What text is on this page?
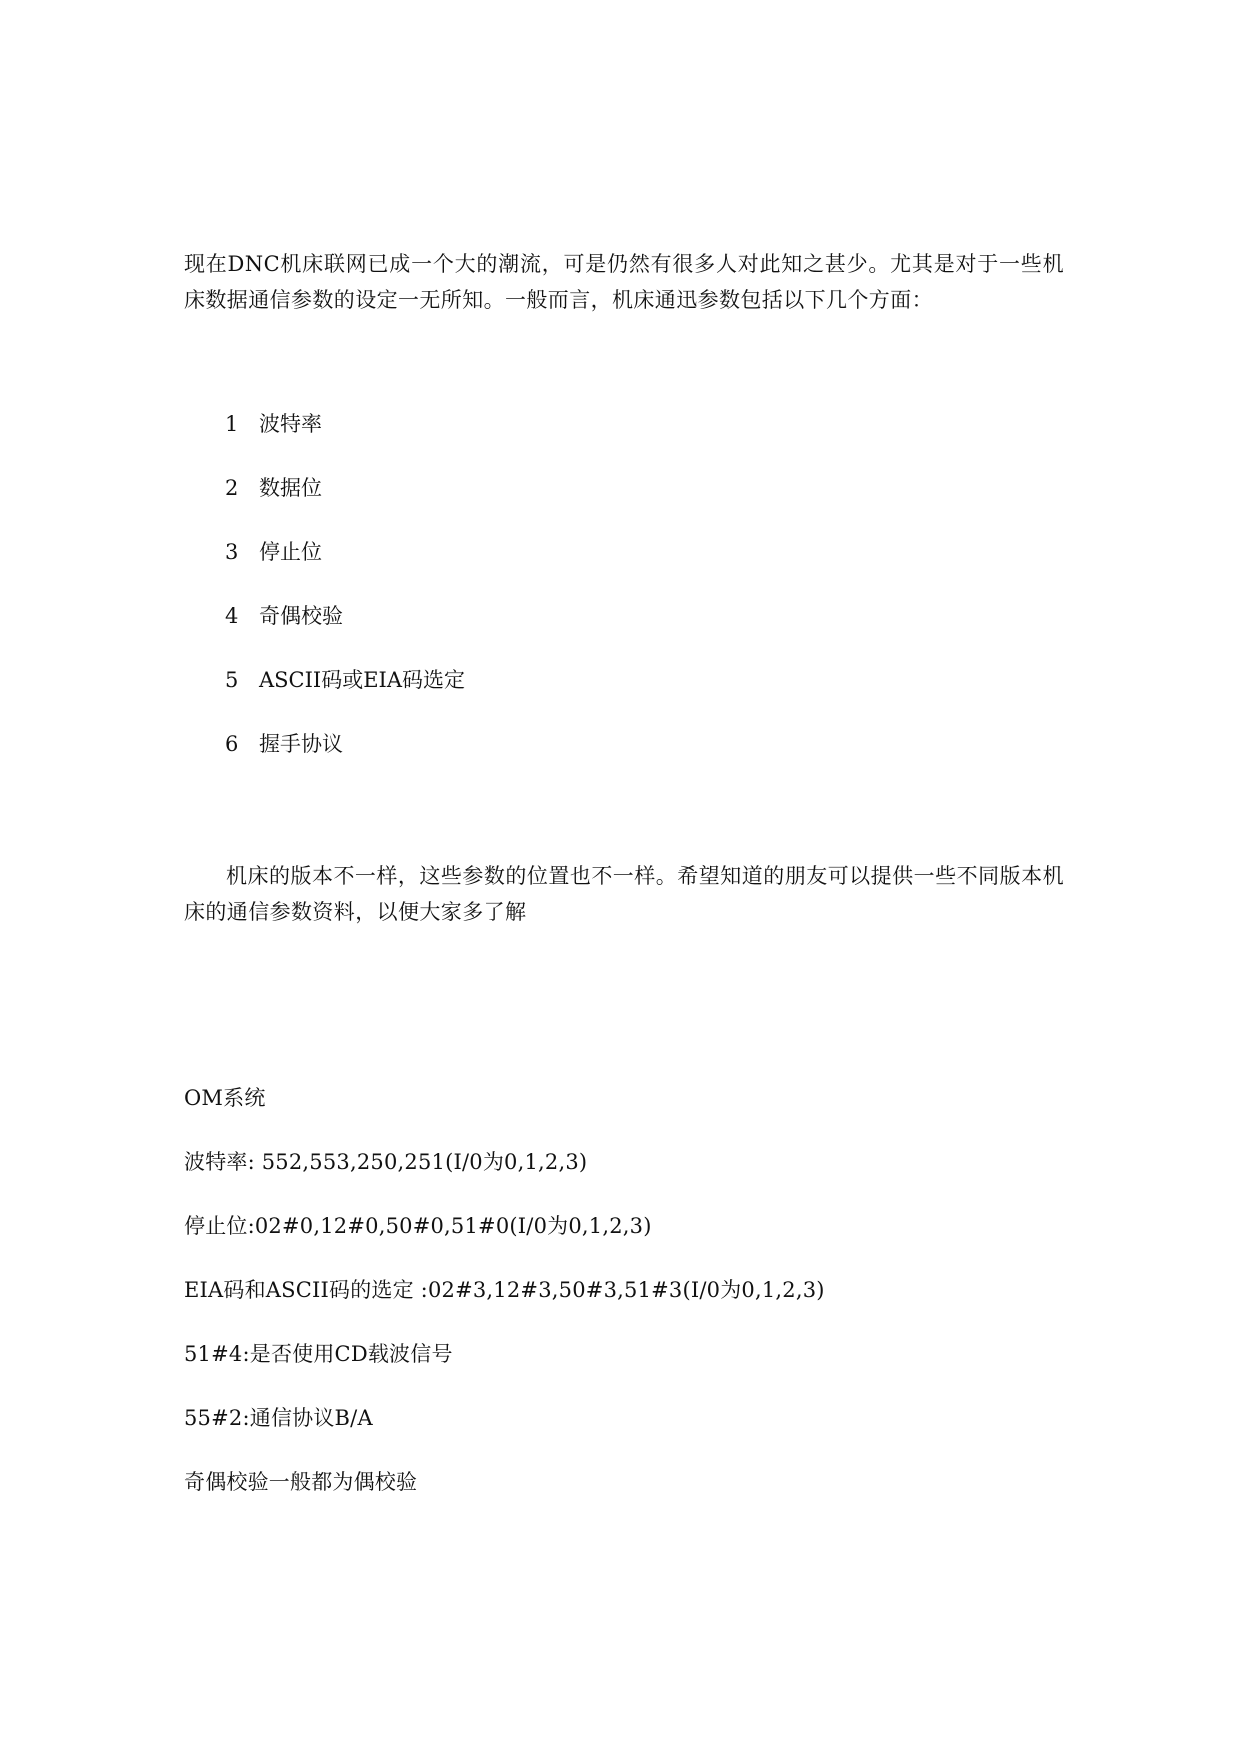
现在DNC机床联网已成一个大的潮流，可是仍然有很多人对此知之甚少。尤其是对于一些机床数据通信参数的设定一无所知。一般而言，机床通迅参数包括以下几个方面：
1 波特率
2 数据位
3 停止位
4 奇偶校验
5 ASCII码或EIA码选定
6 握手协议
机床的版本不一样，这些参数的位置也不一样。希望知道的朋友可以提供一些不同版本机床的通信参数资料，以便大家多了解
OM系统
波特率: 552,553,250,251(I/0为0,1,2,3)
停止位:02#0,12#0,50#0,51#0(I/0为0,1,2,3)
EIA码和ASCII码的选定 :02#3,12#3,50#3,51#3(I/0为0,1,2,3)
51#4:是否使用CD载波信号
55#2:通信协议B/A
奇偶校验一般都为偶校验
